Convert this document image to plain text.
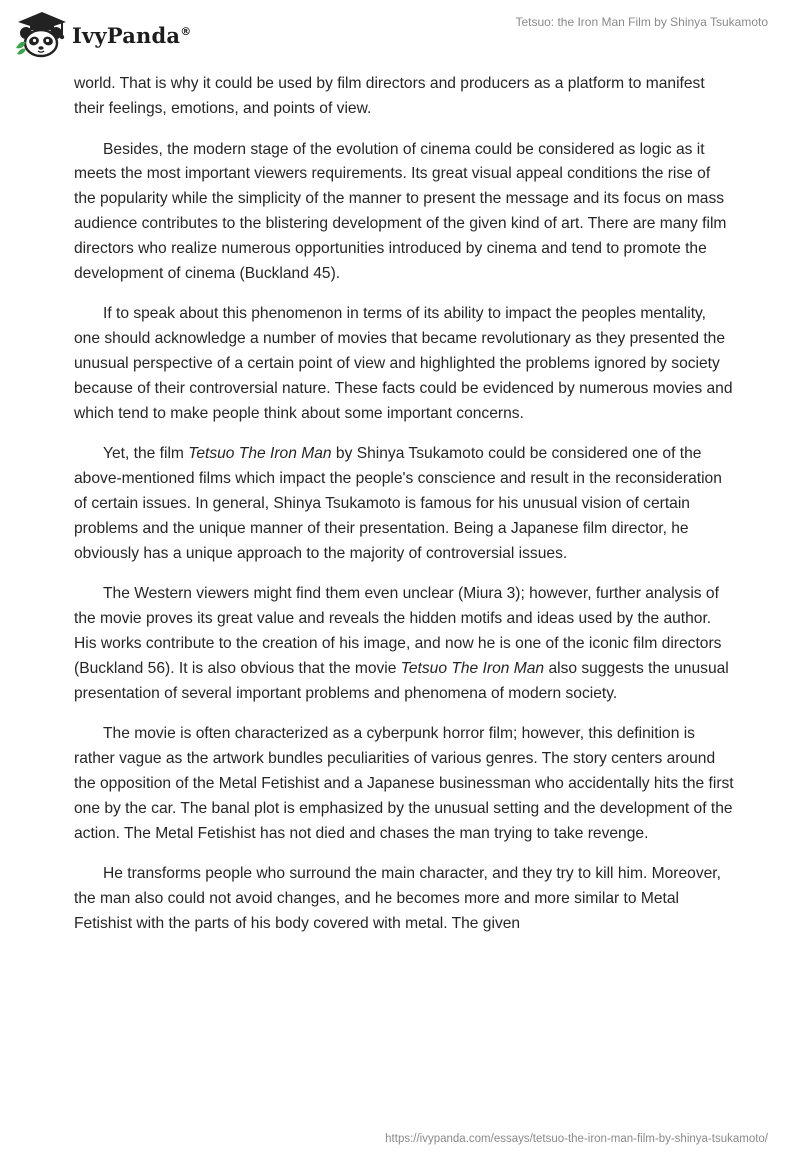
IvyPanda®
Tetsuo: the Iron Man Film by Shinya Tsukamoto

world. That is why it could be used by film directors and producers as a platform to manifest their feelings, emotions, and points of view.

Besides, the modern stage of the evolution of cinema could be considered as logic as it meets the most important viewers requirements. Its great visual appeal conditions the rise of the popularity while the simplicity of the manner to present the message and its focus on mass audience contributes to the blistering development of the given kind of art. There are many film directors who realize numerous opportunities introduced by cinema and tend to promote the development of cinema (Buckland 45).

If to speak about this phenomenon in terms of its ability to impact the peoples mentality, one should acknowledge a number of movies that became revolutionary as they presented the unusual perspective of a certain point of view and highlighted the problems ignored by society because of their controversial nature. These facts could be evidenced by numerous movies and which tend to make people think about some important concerns.

Yet, the film Tetsuo The Iron Man by Shinya Tsukamoto could be considered one of the above-mentioned films which impact the people's conscience and result in the reconsideration of certain issues. In general, Shinya Tsukamoto is famous for his unusual vision of certain problems and the unique manner of their presentation. Being a Japanese film director, he obviously has a unique approach to the majority of controversial issues.

The Western viewers might find them even unclear (Miura 3); however, further analysis of the movie proves its great value and reveals the hidden motifs and ideas used by the author. His works contribute to the creation of his image, and now he is one of the iconic film directors (Buckland 56). It is also obvious that the movie Tetsuo The Iron Man also suggests the unusual presentation of several important problems and phenomena of modern society.

The movie is often characterized as a cyberpunk horror film; however, this definition is rather vague as the artwork bundles peculiarities of various genres. The story centers around the opposition of the Metal Fetishist and a Japanese businessman who accidentally hits the first one by the car. The banal plot is emphasized by the unusual setting and the development of the action. The Metal Fetishist has not died and chases the man trying to take revenge.

He transforms people who surround the main character, and they try to kill him. Moreover, the man also could not avoid changes, and he becomes more and more similar to Metal Fetishist with the parts of his body covered with metal. The given

https://ivypanda.com/essays/tetsuo-the-iron-man-film-by-shinya-tsukamoto/
